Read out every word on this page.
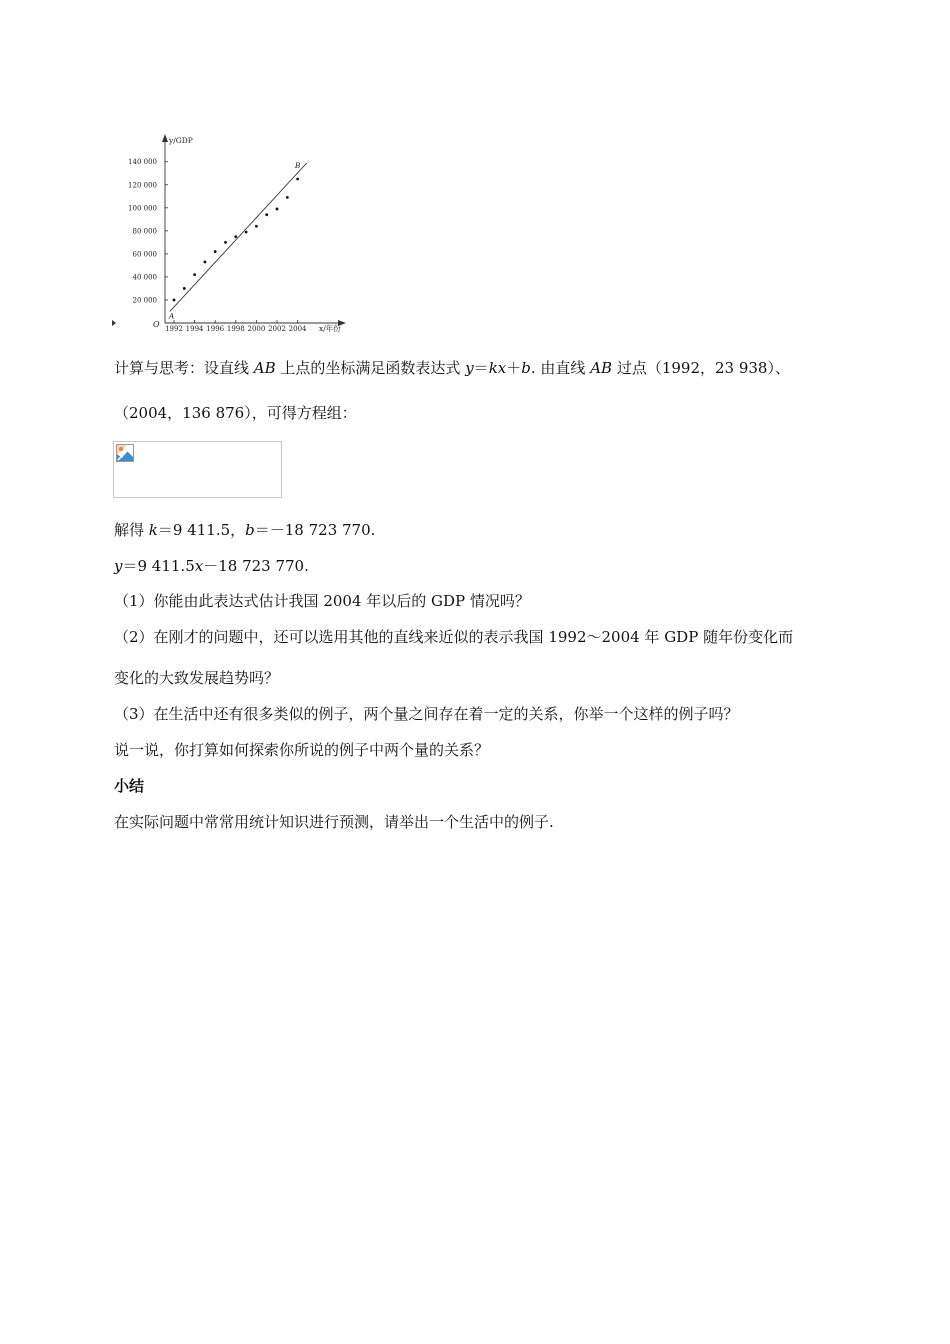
20 000
40 000
60 000
80 000
100 000
120 000
140 000
1992 1994 1996 1998 2000 2002 2004
y/GDP
x/年份
O
A
B
计算与思考：设直线 AB 上点的坐标满足函数表达式 y＝kx＋b. 由直线 AB 过点（1992，23 938）、
（2004，136 876），可得方程组：
解得 k＝9 411.5，b＝－18 723 770.
y＝9 411.5x－18 723 770.
（1）你能由此表达式估计我国 2004 年以后的 GDP 情况吗？
（2）在刚才的问题中，还可以选用其他的直线来近似的表示我国 1992～2004 年 GDP 随年份变化而
变化的大致发展趋势吗？
（3）在生活中还有很多类似的例子，两个量之间存在着一定的关系，你举一个这样的例子吗？
说一说，你打算如何探索你所说的例子中两个量的关系？
小结
在实际问题中常常用统计知识进行预测，请举出一个生活中的例子.
